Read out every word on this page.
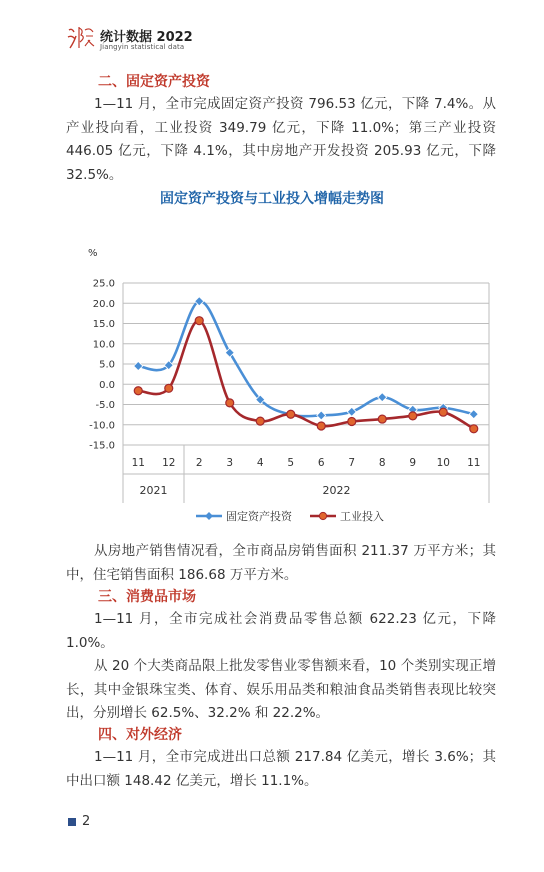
统计数据 2022
Jiangyin statistical data
二、固定资产投资
1—11 月，全市完成固定资产投资 796.53 亿元，下降 7.4%。从产业投向看，工业投资 349.79 亿元，下降 11.0%；第三产业投资 446.05 亿元，下降 4.1%，其中房地产开发投资 205.93 亿元，下降 32.5%。
固定资产投资与工业投入增幅走势图
%
25.0
20.0
15.0
10.0
5.0
0.0
-5.0
-10.0
-15.0
11 12 2 3 4 5 6 7 8 9 10 11
2021	2022
固定资产投资	工业投入
从房地产销售情况看，全市商品房销售面积 211.37 万平方米；其中，住宅销售面积 186.68 万平方米。
三、消费品市场
1—11 月，全市完成社会消费品零售总额 622.23 亿元，下降 1.0%。
从 20 个大类商品限上批发零售业零售额来看，10 个类别实现正增长，其中金银珠宝类、体育、娱乐用品类和粮油食品类销售表现比较突出，分别增长 62.5%、32.2% 和 22.2%。
四、对外经济
1—11 月，全市完成进出口总额 217.84 亿美元，增长 3.6%；其中出口额 148.42 亿美元，增长 11.1%。
2
